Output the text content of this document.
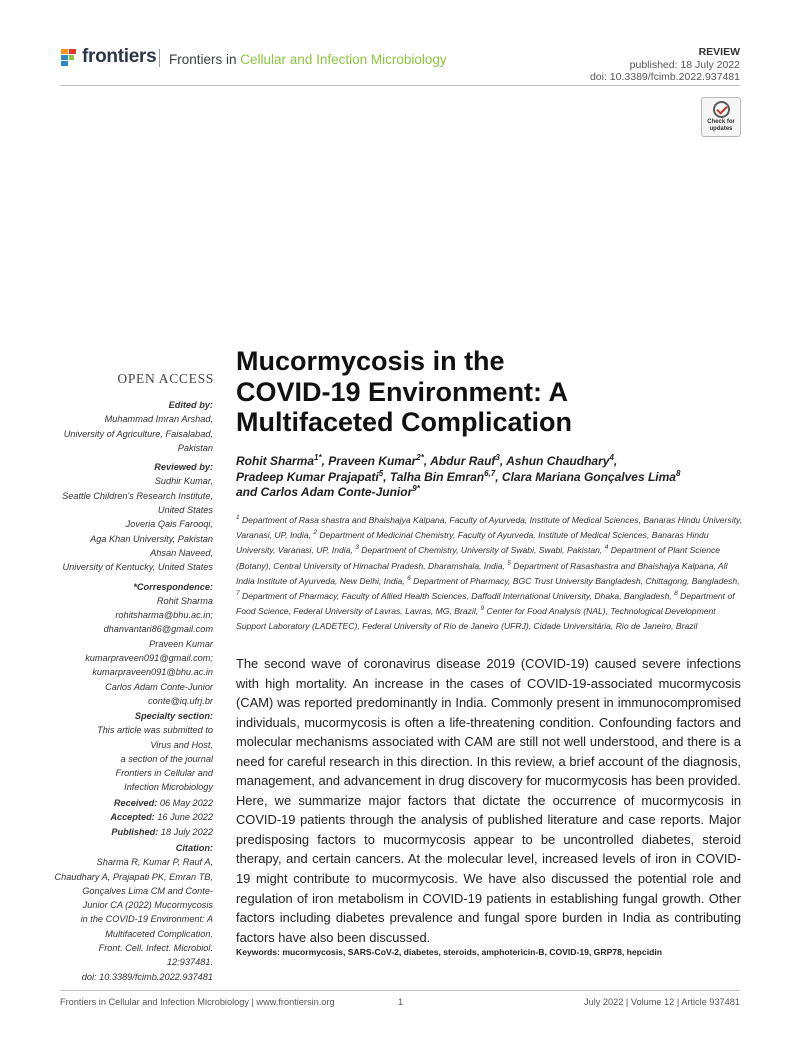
frontiers Frontiers in Cellular and Infection Microbiology	REVIEW
published: 18 July 2022
doi: 10.3389/fcimb.2022.937481
Check for
updates
OPEN ACCESS
Edited by:
Muhammad Imran Arshad,
University of Agriculture, Faisalabad,
Pakistan
Reviewed by:
Sudhir Kumar,
Seattle Children's Research Institute,
United States
Joveria Qais Farooqi,
Aga Khan University, Pakistan
Ahsan Naveed,
University of Kentucky, United States
*Correspondence:
Rohit Sharma
rohitsharma@bhu.ac.in;
dhanvantari86@gmail.com
Praveen Kumar
kumarpraveen091@gmail.com;
kumarpraveen091@bhu.ac.in
Carlos Adam Conte-Junior
conte@iq.ufrj.br
Specialty section:
This article was submitted to
Virus and Host,
a section of the journal
Frontiers in Cellular and
Infection Microbiology
Received: 06 May 2022
Accepted: 16 June 2022
Published: 18 July 2022
Citation:
Sharma R, Kumar P, Rauf A,
Chaudhary A, Prajapati PK, Emran TB,
Gonçalves Lima CM and Conte-
Junior CA (2022) Mucormycosis
in the COVID-19 Environment: A
Multifaceted Complication.
Front. Cell. Infect. Microbiol. 12:937481.
doi: 10.3389/fcimb.2022.937481
Mucormycosis in the
COVID-19 Environment: A
Multifaceted Complication
Rohit Sharma$^{1*}$, Praveen Kumar$^{2*}$, Abdur Rauf$^3$, Ashun Chaudhary$^4$,
Pradeep Kumar Prajapati$^5$, Talha Bin Emran$^{6,7}$, Clara Mariana Gonçalves Lima$^8$
and Carlos Adam Conte-Junior$^{9*}$
$^1$ Department of Rasa shastra and Bhaishajya Kalpana, Faculty of Ayurveda, Institute of Medical Sciences, Banaras Hindu University, Varanasi, UP, India, $^2$ Department of Medicinal Chemistry, Faculty of Ayurveda, Institute of Medical Sciences, Banaras Hindu University, Varanasi, UP, India, $^3$ Department of Chemistry, University of Swabi, Swabi, Pakistan, $^4$ Department of Plant Science (Botany), Central University of Himachal Pradesh, Dharamshala, India, $^5$ Department of Rasashastra and Bhaishajya Kalpana, All India Institute of Ayurveda, New Delhi, India, $^6$ Department of Pharmacy, BGC Trust University Bangladesh, Chittagong, Bangladesh, $^7$ Department of Pharmacy, Faculty of Allied Health Sciences, Daffodil International University, Dhaka, Bangladesh, $^8$ Department of Food Science, Federal University of Lavras, Lavras, MG, Brazil, $^9$ Center for Food Analysis (NAL), Technological Development Support Laboratory (LADETEC), Federal University of Rio de Janeiro (UFRJ), Cidade Universitária, Rio de Janeiro, Brazil
The second wave of coronavirus disease 2019 (COVID-19) caused severe infections with high mortality. An increase in the cases of COVID-19-associated mucormycosis (CAM) was reported predominantly in India. Commonly present in immunocompromised individuals, mucormycosis is often a life-threatening condition. Confounding factors and molecular mechanisms associated with CAM are still not well understood, and there is a need for careful research in this direction. In this review, a brief account of the diagnosis, management, and advancement in drug discovery for mucormycosis has been provided. Here, we summarize major factors that dictate the occurrence of mucormycosis in COVID-19 patients through the analysis of published literature and case reports. Major predisposing factors to mucormycosis appear to be uncontrolled diabetes, steroid therapy, and certain cancers. At the molecular level, increased levels of iron in COVID-19 might contribute to mucormycosis. We have also discussed the potential role and regulation of iron metabolism in COVID-19 patients in establishing fungal growth. Other factors including diabetes prevalence and fungal spore burden in India as contributing factors have also been discussed.
Keywords: mucormycosis, SARS-CoV-2, diabetes, steroids, amphotericin-B, COVID-19, GRP78, hepcidin
Frontiers in Cellular and Infection Microbiology | www.frontiersin.org	1	July 2022 | Volume 12 | Article 937481
